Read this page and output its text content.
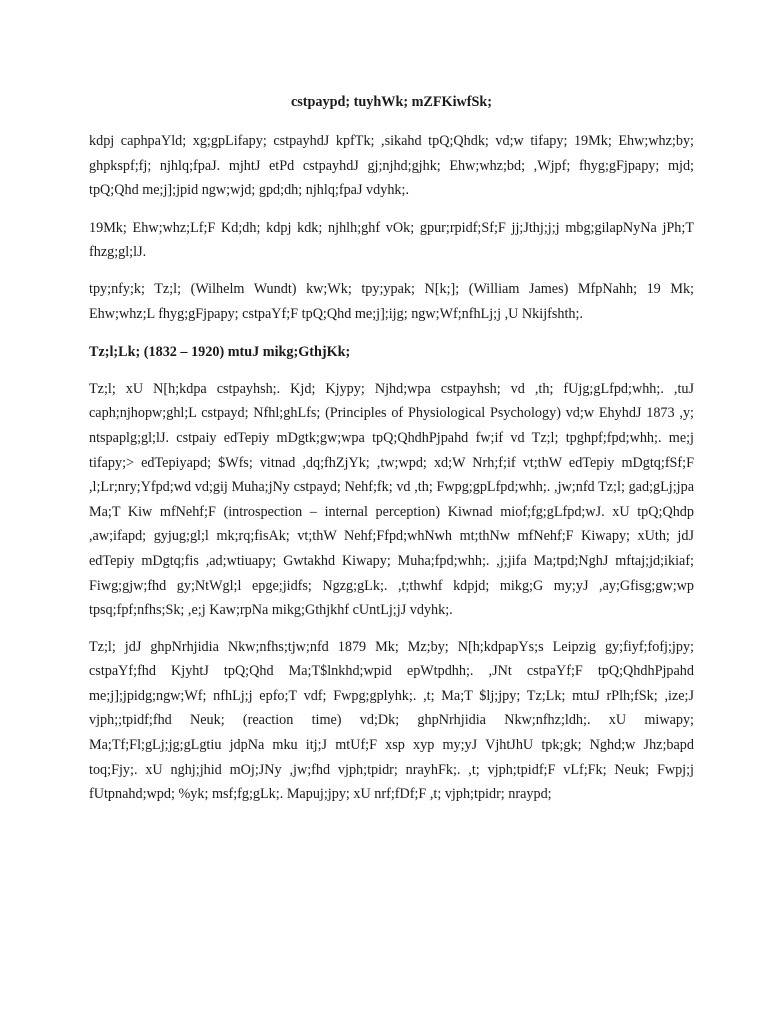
cstpaypd; tuyhWk; mZFKiwfSk;

kdpj caphpaYld; xg;gpLifapy; cstpayhdJ kpfTk; ,sikahd tpQ;Qhdk; vd;w tifapy; 19Mk; Ehw;whz;by; ghpkspf;fj; njhlq;fpaJ. mjhtJ etPd cstpayhdJ gj;njhd;gjhk; Ehw;whz;bd; ,Wjpf; fhyg;gFjpapy; mjd; tpQ;Qhd me;j];jpid ngw;wjd; gpd;dh; njhlq;fpaJ vdyhk;.

19Mk; Ehw;whz;Lf;F Kd;dh; kdpj kdk; njhlh;ghf vOk; gpur;rpidf;Sf;F jj;Jthj;j;j mbg;gilapNyNa jPh;T fhzg;gl;lJ.

tpy;nfy;k; Tz;l; (Wilhelm Wundt) kw;Wk; tpy;ypak; N[k;]; (William James) MfpNahh; 19 Mk; Ehw;whz;L fhyg;gFjpapy; cstpaYf;F tpQ;Qhd me;j];ijg; ngw;Wf;nfhLj;j ,U Nkijfshth;.

Tz;l;Lk; (1832 – 1920) mtuJ mikg;GthjKk;

Tz;l; xU N[h;kdpa cstpayhsh;. Kjd; Kjypy; Njhd;wpa cstpayhsh; vd ,th; fUjg;gLfpd;whh;. ,tuJ caph;njhopw;ghl;L cstpayd; Nfhl;ghLfs; (Principles of Physiological Psychology) vd;w EhyhdJ 1873 ,y; ntspaplg;gl;lJ. cstpaiy edTepiy mDgtk;gw;wpa tpQ;QhdhPjpahd fw;if vd Tz;l; tpghpf;fpd;whh;. me;j tifapy;> edTepiyapd; $Wfs; vitnad ,dq;fhZjYk; ,tw;wpd; xd;W Nrh;f;if vt;thW edTepiy mDgtq;fSf;F ,l;Lr;nry;Yfpd;wd vd;gij Muha;jNy cstpayd; Nehf;fk; vd ,th; Fwpg;gpLfpd;whh;. ,jw;nfd Tz;l; gad;gLj;jpa Ma;T Kiw mfNehf;F (introspection – internal perception) Kiwnad miof;fg;gLfpd;wJ. xU tpQ;Qhdp ,aw;ifapd; gyjug;gl;l mk;rq;fisAk; vt;thW Nehf;Ffpd;whNwh mt;thNw mfNehf;F Kiwapy; xUth; jdJ edTepiy mDgtq;fis ,ad;wtiuapy; Gwtakhd Kiwapy; Muha;fpd;whh;. ,j;jifa Ma;tpd;NghJ mftaj;jd;ikiaf; Fiwg;gjw;fhd gy;NtWgl;l epge;jidfs; Ngzg;gLk;. ,t;thwhf kdpjd; mikg;G my;yJ ,ay;Gfisg;gw;wp tpsq;fpf;nfhs;Sk; ,e;j Kaw;rpNa mikg;Gthjkhf cUntLj;jJ vdyhk;.

Tz;l; jdJ ghpNrhjidia Nkw;nfhs;tjw;nfd 1879 Mk; Mz;by; N[h;kdpapYs;s Leipzig gy;fiyf;fofj;jpy; cstpaYf;fhd KjyhtJ tpQ;Qhd Ma;T$lnkhd;wpid epWtpdhh;. ,JNt cstpaYf;F tpQ;QhdhPjpahd me;j];jpidg;ngw;Wf; nfhLj;j epfo;T vdf; Fwpg;gplyhk;. ,t; Ma;T $lj;jpy; Tz;Lk; mtuJ rPlh;fSk; ,ize;J vjph;;tpidf;fhd Neuk; (reaction time) vd;Dk; ghpNrhjidia Nkw;nfhz;ldh;. xU miwapy; Ma;Tf;Fl;gLj;jg;gLgtiu jdpNa mku itj;J mtUf;F xsp xyp my;yJ VjhtJhU tpk;gk; Nghd;w Jhz;bapd toq;Fjy;. xU nghj;jhid mOj;JNy ,jw;fhd vjph;tpidr; nrayhFk;. ,t; vjph;tpidf;F vLf;Fk; Neuk; Fwpj;j fUtpnahd;wpd; %yk; msf;fg;gLk;. Mapuj;jpy; xU nrf;fDf;F ,t; vjph;tpidr; nraypd;
